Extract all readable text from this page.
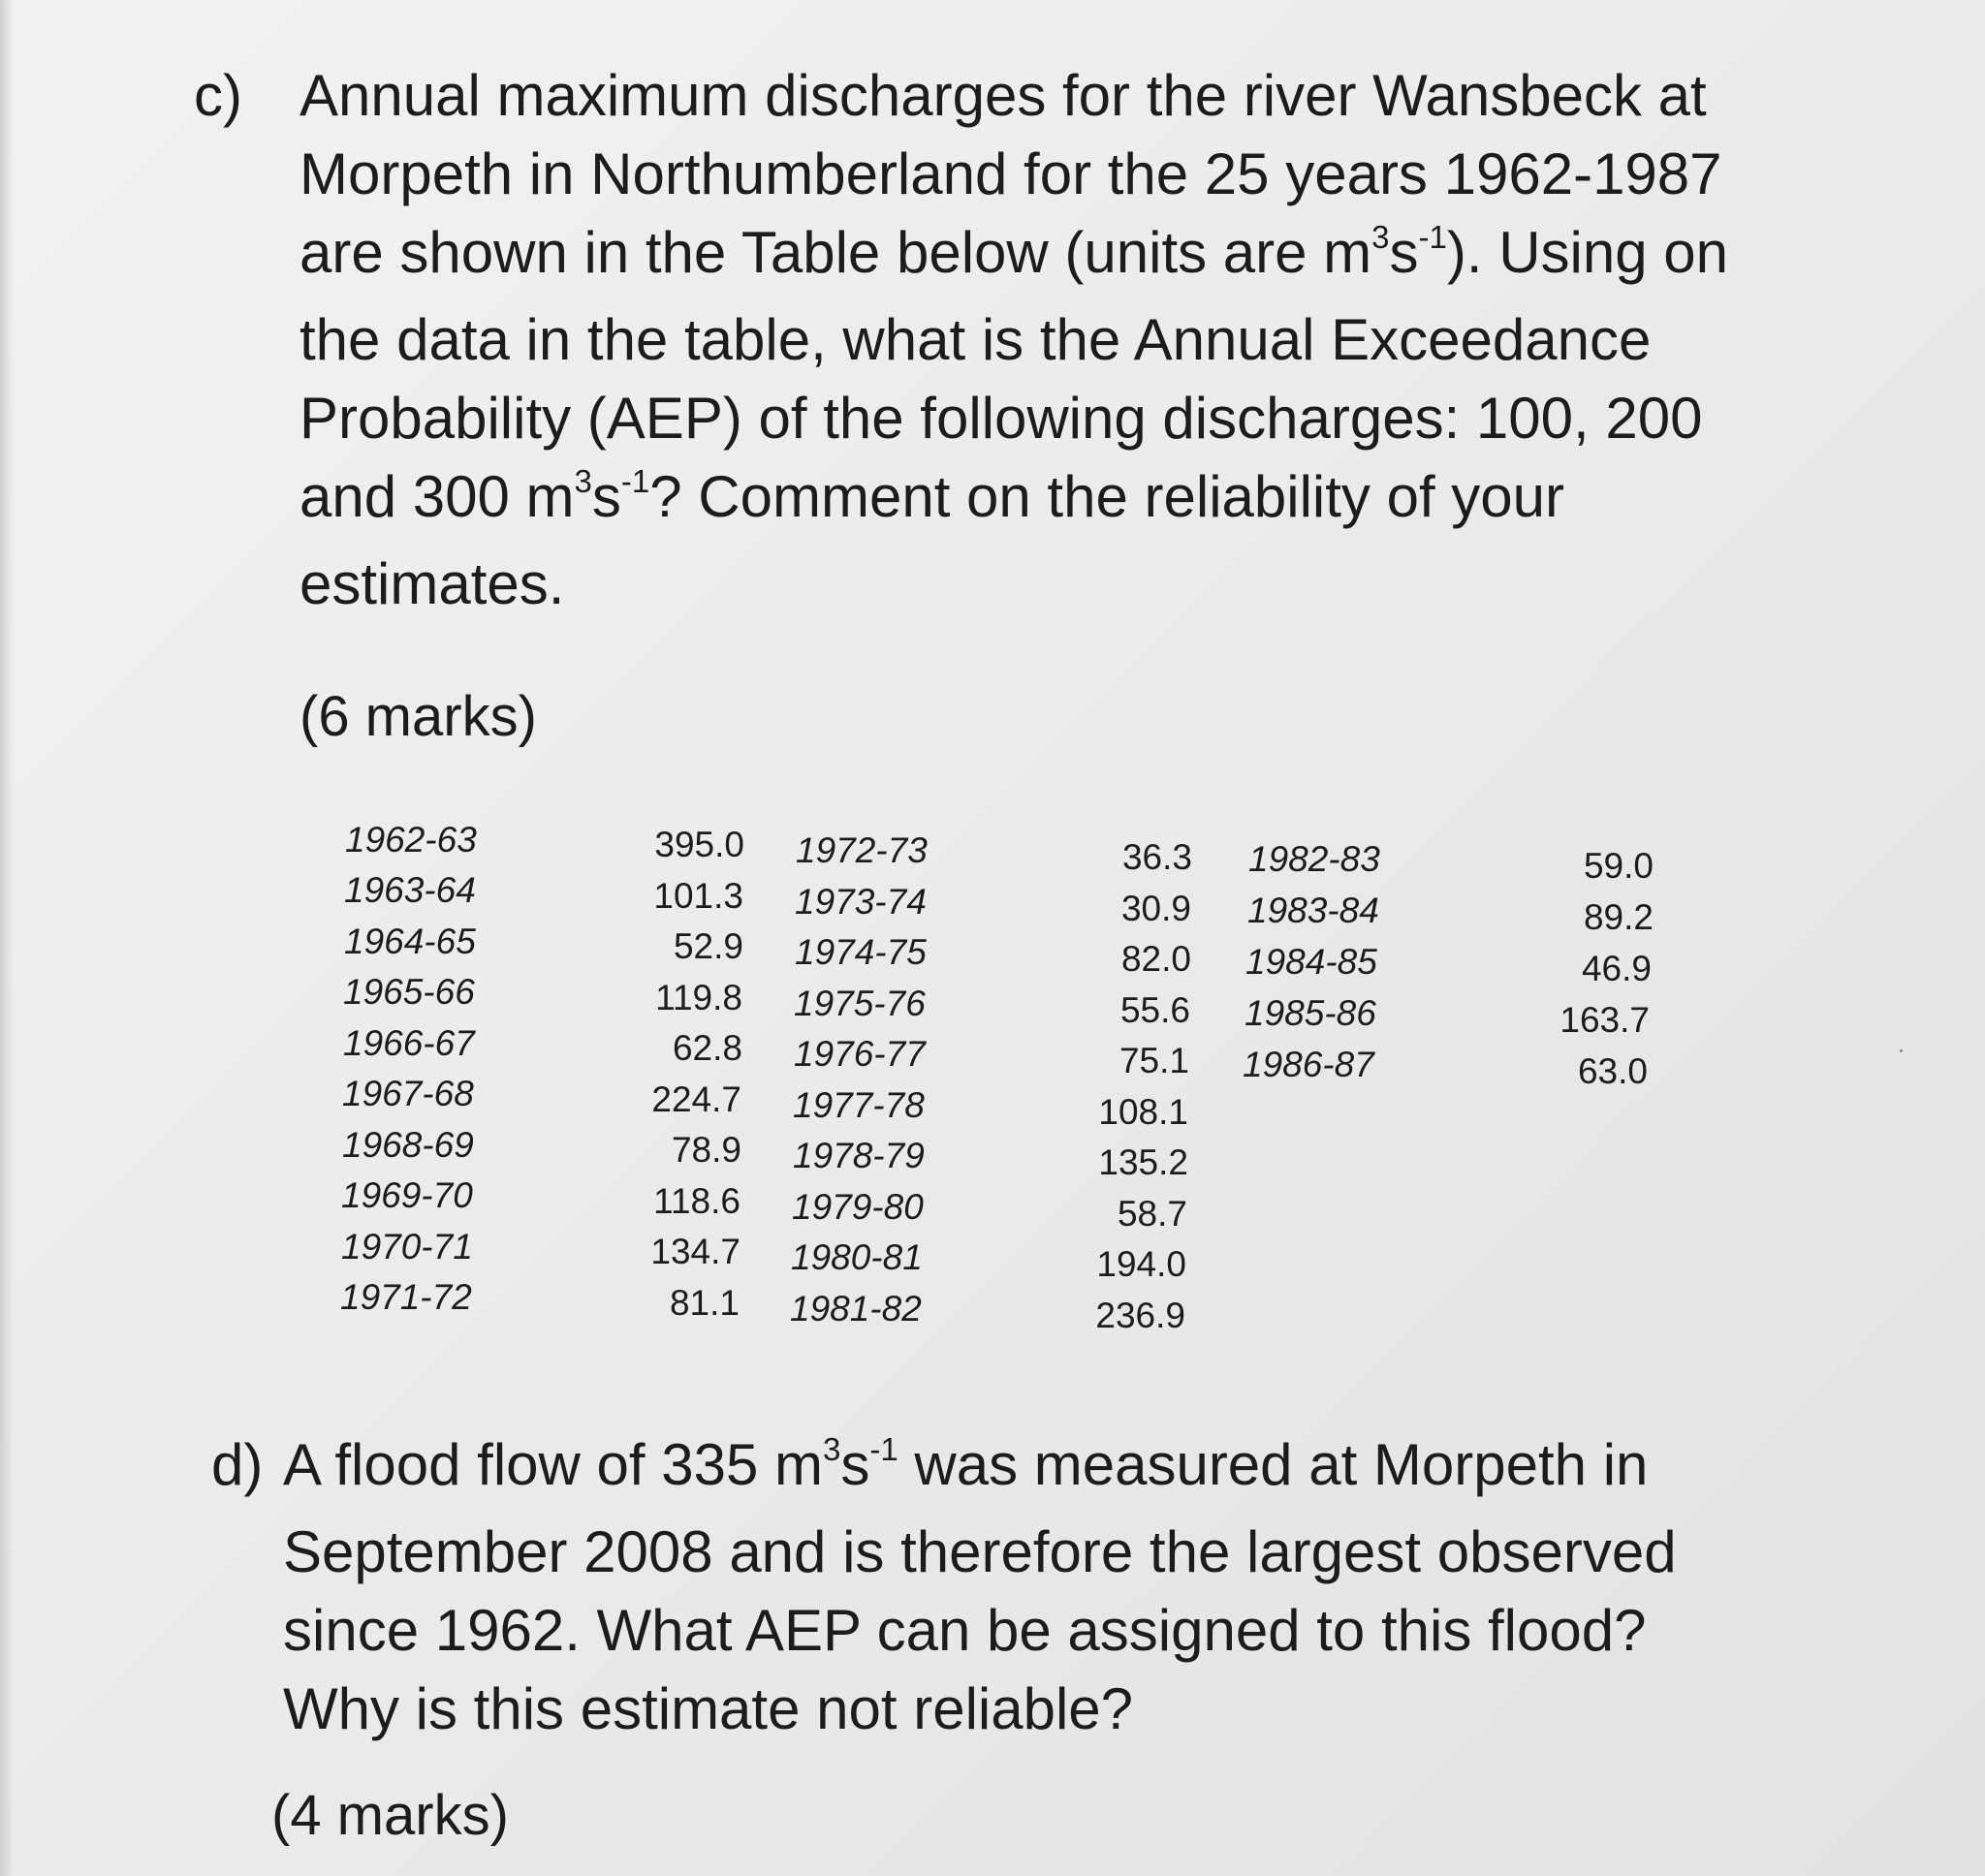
c) Annual maximum discharges for the river Wansbeck at
Morpeth in Northumberland for the 25 years 1962-1987
are shown in the Table below (units are $m^3s^{-1}$). Using on
the data in the table, what is the Annual Exceedance
Probability (AEP) of the following discharges: 100, 200
and 300 $m^3s^{-1}$? Comment on the reliability of your
estimates.
(6 marks)
1962-63
1963-64
1964-65
1965-66
1966-67
1967-68
1968-69
1969-70
1970-71
1971-72
395.0
101.3
52.9
119.8
62.8
224.7
78.9
118.6
134.7
81.1
1972-73
1973-74
1974-75
1975-76
1976-77
1977-78
1978-79
1979-80
1980-81
1981-82
36.3
30.9
82.0
55.6
75.1
108.1
135.2
58.7
194.0
236.9
1982-83
1983-84
1984-85
1985-86
1986-87
59.0
89.2
46.9
163.7
63.0
d) A flood flow of 335 $m^3s^{-1}$ was measured at Morpeth in
September 2008 and is therefore the largest observed
since 1962. What AEP can be assigned to this flood?
Why is this estimate not reliable?
(4 marks)
